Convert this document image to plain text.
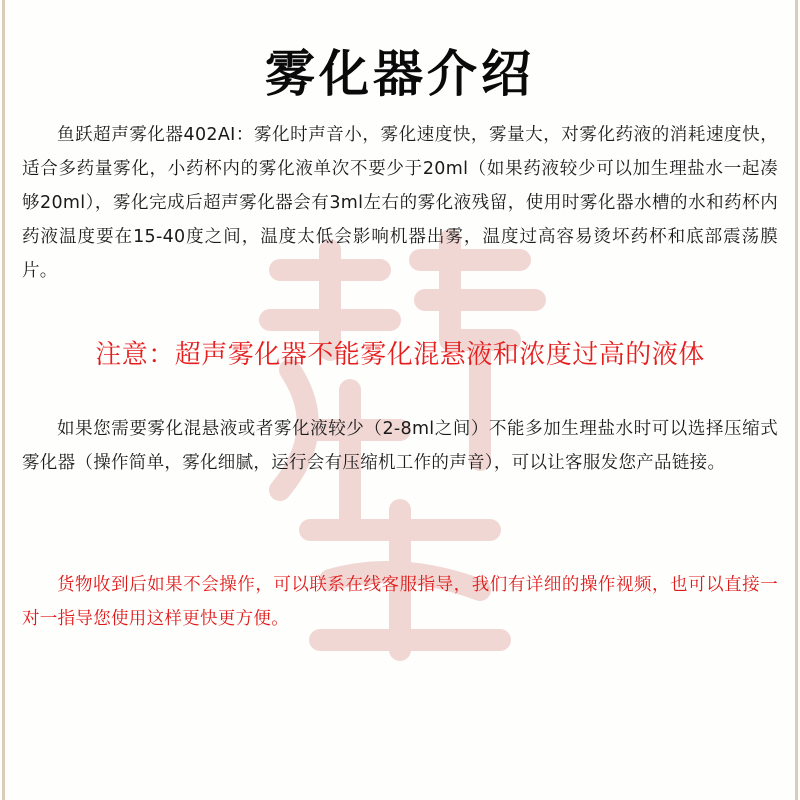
雾化器介绍
鱼跃超声雾化器402AI：雾化时声音小，雾化速度快，雾量大，对雾化药液的消耗速度快，适合多药量雾化，小药杯内的雾化液单次不要少于20ml（如果药液较少可以加生理盐水一起凑够20ml），雾化完成后超声雾化器会有3ml左右的雾化液残留，使用时雾化器水槽的水和药杯内药液温度要在15-40度之间，温度太低会影响机器出雾，温度过高容易烫坏药杯和底部震荡膜片。
注意：超声雾化器不能雾化混悬液和浓度过高的液体
如果您需要雾化混悬液或者雾化液较少（2-8ml之间）不能多加生理盐水时可以选择压缩式雾化器（操作简单，雾化细腻，运行会有压缩机工作的声音），可以让客服发您产品链接。
货物收到后如果不会操作，可以联系在线客服指导，我们有详细的操作视频，也可以直接一对一指导您使用这样更快更方便。
